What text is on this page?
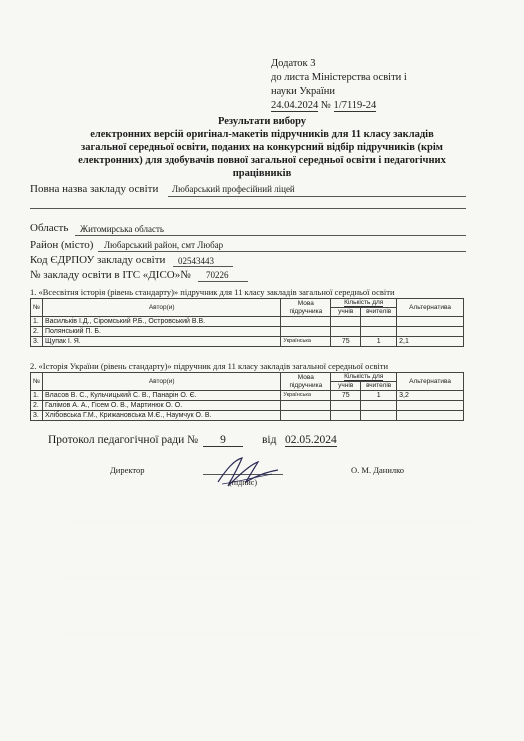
Додаток 3
до листа Міністерства освіти і
науки України
24.04.2024 № 1/7119-24
Результати вибору
електронних версій оригінал-макетів підручників для 11 класу закладів
загальної середньої освіти, поданих на конкурсний відбір підручників (крім
електронних) для здобувачів повної загальної середньої освіти і педагогічних
працівників
Повна назва закладу освіти Любарський професійний ліцей
Область Житомирська область
Район (місто) Любарський район, смт Любар
Код ЄДРПОУ закладу освіти 02543443
№ закладу освіти в ІТС «ДІСО»№ 70226
1. «Всесвітня історія (рівень стандарту)» підручник для 11 класу закладів загальної середньої освіти
№	Автор(и)	Мова підручника	Кількість для		Альтернатива
			учнів	вчителів	
1.	Васильків І.Д., Сіромський Р.Б., Островський В.В.				
2.	Полянський П. Б.				
3.	Щупак І. Я.	Українська	75	1	2,1
2. «Історія України (рівень стандарту)» підручник для 11 класу закладів загальної середньої освіти
№	Автор(и)	Мова підручника	Кількість для		Альтернатива
			учнів	вчителів	
1.	Власов В. С., Кульчицький С. В., Панарін О. Є.	Українська	75	1	3,2
2.	Галімов А. А., Гісем О. В., Мартинюк О. О.				
3.	Хлібовська Г.М., Крижановська М.Є., Наумчук О. В.				
Протокол педагогічної ради №	9	від 02.05.2024
Директор
(підпис)
О. М. Данилко
